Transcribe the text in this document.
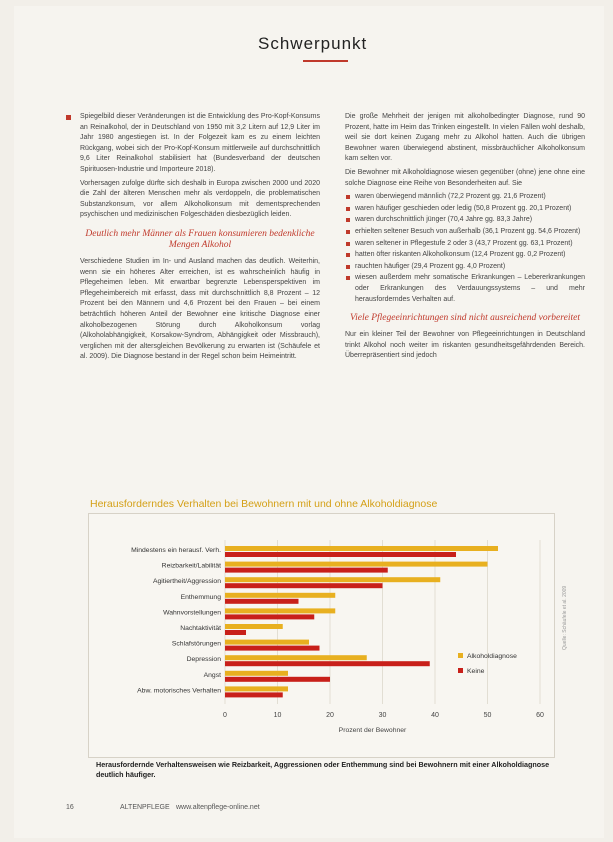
Schwerpunkt

Spiegelbild dieser Veränderungen ist die Entwicklung des Pro-Kopf-Konsums an Reinalkohol, der in Deutschland von 1950 mit 3,2 Litern auf 12,9 Liter im Jahr 1980 angestiegen ist. In der Folgezeit kam es zu einem leichten Rückgang, wobei sich der Pro-Kopf-Konsum mittlerweile auf durchschnittlich 9,6 Liter Reinalkohol stabilisiert hat (Bundesverband der deutschen Spirituosen-Industrie und Importeure 2018).

Vorhersagen zufolge dürfte sich deshalb in Europa zwischen 2000 und 2020 die Zahl der älteren Menschen mehr als verdoppeln, die problematischen Substanzkonsum, vor allem Alkoholkonsum mit dementsprechenden psychischen und medizinischen Folgeschäden diesbezüglich leiden.

Deutlich mehr Männer als Frauen konsumieren bedenkliche Mengen Alkohol

Verschiedene Studien im In- und Ausland machen das deutlich. Weiterhin, wenn sie ein höheres Alter erreichen, ist es wahrscheinlich häufig in Pflegeheimen leben. Mit erwartbar begrenzte Lebensperspektiven im Pflegeheimbereich mit erfasst, dass mit durchschnittlich 8,8 Prozent – 12 Prozent bei den Männern und 4,6 Prozent bei den Frauen – bei einem beträchtlich höheren Anteil der Bewohner eine kritische Diagnose einer alkoholbezogenen Störung durch Alkoholkonsum vorlag (Alkoholabhängigkeit, Korsakow-Syndrom, Abhängigkeit oder Missbrauch), verglichen mit der altersgleichen Bevölkerung zu erwarten ist (Schäufele et al. 2009). Die Diagnose bestand in der Regel schon beim Heimeintritt.

Die große Mehrheit der jenigen mit alkoholbedingter Diagnose, rund 90 Prozent, hatte im Heim das Trinken eingestellt. In vielen Fällen wohl deshalb, weil sie dort keinen Zugang mehr zu Alkohol hatten. Auch die übrigen Bewohner waren überwiegend abstinent, missbräuchlicher Alkoholkonsum kam selten vor.

Die Bewohner mit Alkoholdiagnose wiesen gegenüber (ohne) jene ohne eine solche Diagnose eine Reihe von Besonderheiten auf. Sie

waren überwiegend männlich (72,2 Prozent gg. 21,6 Prozent)
waren häufiger geschieden oder ledig (50,8 Prozent gg. 20,1 Prozent)
waren durchschnittlich jünger (70,4 Jahre gg. 83,3 Jahre)
erhielten seltener Besuch von außerhalb (36,1 Prozent gg. 54,6 Prozent)
waren seltener in Pflegestufe 2 oder 3 (43,7 Prozent gg. 63,1 Prozent)
hatten öfter riskanten Alkoholkonsum (12,4 Prozent gg. 0,2 Prozent)
rauchten häufiger (29,4 Prozent gg. 4,0 Prozent)
wiesen außerdem mehr somatische Erkrankungen – Lebererkrankungen oder Erkrankungen des Verdauungssystems – und mehr herausforderndes Verhalten auf.
Viele Pflegeeinrichtungen sind nicht ausreichend vorbereitet

Nur ein kleiner Teil der Bewohner von Pflegeeinrichtungen in Deutschland trinkt Alkohol noch weiter im riskanten gesundheitsgefährdenden Bereich. Überrepräsentiert sind jedoch

Herausforderndes Verhalten bei Bewohnern mit und ohne Alkoholdiagnose
0	10	20	30	40	50	60
Mindestens ein herausf. Verh.
Reizbarkeit/Labilität
Agitiertheit/Aggression
Enthemmung
Wahnvorstellungen
Nachtaktivität
Schlafstörungen
Depression
Angst
Abw. motorisches Verhalten
Prozent der Bewohner
Alkoholdiagnose
Keine
Herausfordernde Verhaltensweisen wie Reizbarkeit, Aggressionen oder Enthemmung sind bei Bewohnern mit einer Alkoholdiagnose deutlich häufiger.
16	ALTENPFLEGE www.altenpflege-online.net
Quelle: Schäufele et al. 2009
